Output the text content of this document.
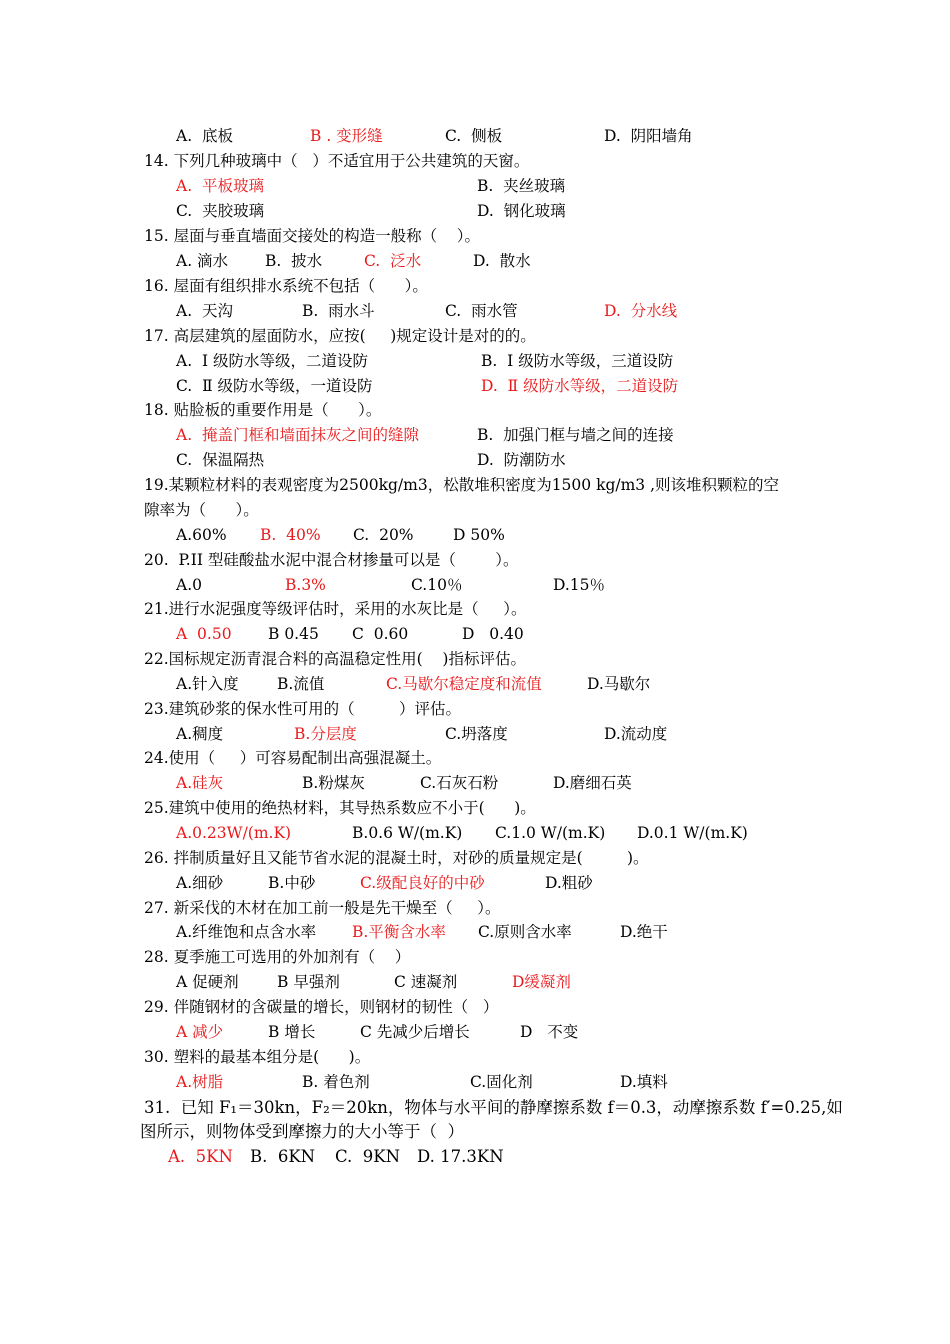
A.  底板

	B . 变形缝

	C.  侧板

	D.  阴阳墙角

14. 下列几种玻璃中（   ）不适宜用于公共建筑的天窗。

A.  平板玻璃

	B.  夹丝玻璃

C.  夹胶玻璃

	D.  钢化玻璃

15. 屋面与垂直墙面交接处的构造一般称（    ）。

A. 滴水

B.  披水

	C.  泛水

	D.  散水

16. 屋面有组织排水系统不包括（      ）。

A.  天沟

	B.  雨水斗

	C.  雨水管

	D.  分水线

17. 高层建筑的屋面防水，应按(     )规定设计是对的的。

A.  Ⅰ 级防水等级，二道设防

	B.  Ⅰ 级防水等级，三道设防

C.  Ⅱ 级防水等级，一道设防

	D.  Ⅱ 级防水等级，二道设防

18. 贴脸板的重要作用是（      ）。

A.  掩盖门框和墙面抹灰之间的缝隙

	B.  加强门框与墙之间的连接

C.  保温隔热

	D.  防潮防水

19.某颗粒材料的表观密度为2500kg/m3，松散堆积密度为1500 kg/m3 ,则该堆积颗粒的空

隙率为（      ）。

A.60%

B.  40%

C.  20%

	D 50%

20.  P.II 型硅酸盐水泥中混合材掺量可以是（        ）。

A.0

	B.3%

	C.10％

	D.15％

21.进行水泥强度等级评估时，采用的水灰比是（     ）。

A  0.50

B 0.45

C  0.60

	D   0.40

22.国标规定沥青混合料的高温稳定性用(    )指标评估。

A.针入度

B.流值

	C.马歇尔稳定度和流值

	D.马歇尔

23.建筑砂浆的保水性可用的（         ）评估。

A.稠度

	B.分层度

	C.坍落度

	D.流动度

24.使用（     ）可容易配制出高强混凝土。

A.硅灰

	B.粉煤灰

	C.石灰石粉

	D.磨细石英

25.建筑中使用的绝热材料，其导热系数应不小于(      )。

A.0.23W/(m.K)

	B.0.6 W/(m.K)

C.1.0 W/(m.K)

D.0.1 W/(m.K)

26. 拌制质量好且又能节省水泥的混凝土时，对砂的质量规定是(         )。

A.细砂

	B.中砂

	C.级配良好的中砂

	D.粗砂

27. 新采伐的木材在加工前一般是先干燥至（     ）。

A.纤维饱和点含水率

B.平衡含水率

C.原则含水率

	D.绝干

28. 夏季施工可选用的外加剂有（    ）

A 促硬剂

B 早强剂

	C 速凝剂

	D缓凝剂

29. 伴随钢材的含碳量的增长，则钢材的韧性（   ）

A 减少

	B 增长

	C 先减少后增长

	D   不变

30. 塑料的最基本组分是(      )。

A.树脂

	B. 着色剂

	C.固化剂

	D.填料

31.  已知 F₁＝30kn，F₂＝20kn，物体与水平间的静摩擦系数 f＝0.3，动摩擦系数 f′=0.25,如

图所示，则物体受到摩擦力的大小等于（  ）

A.  5KN

B.  6KN

C.  9KN

D. 17.3KN
